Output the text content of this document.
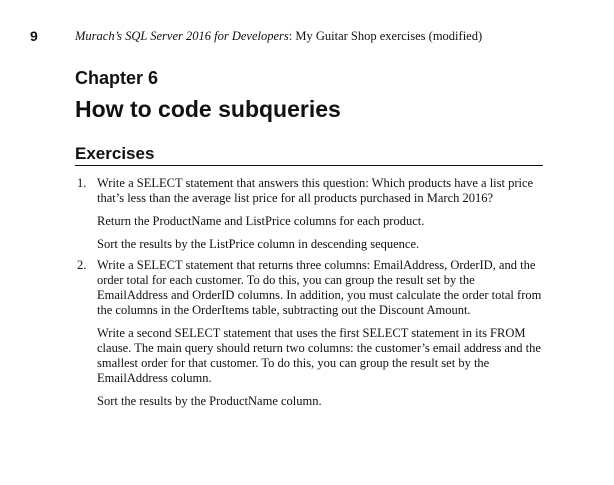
9	Murach’s SQL Server 2016 for Developers: My Guitar Shop exercises (modified)
Chapter 6
How to code subqueries
Exercises
1. Write a SELECT statement that answers this question: Which products have a list price that’s less than the average list price for all products purchased in March 2016?

Return the ProductName and ListPrice columns for each product.

Sort the results by the ListPrice column in descending sequence.

2. Write a SELECT statement that returns three columns: EmailAddress, OrderID, and the order total for each customer. To do this, you can group the result set by the EmailAddress and OrderID columns. In addition, you must calculate the order total from the columns in the OrderItems table, subtracting out the Discount Amount.

Write a second SELECT statement that uses the first SELECT statement in its FROM clause. The main query should return two columns: the customer’s email address and the smallest order for that customer. To do this, you can group the result set by the EmailAddress column.

Sort the results by the ProductName column.
